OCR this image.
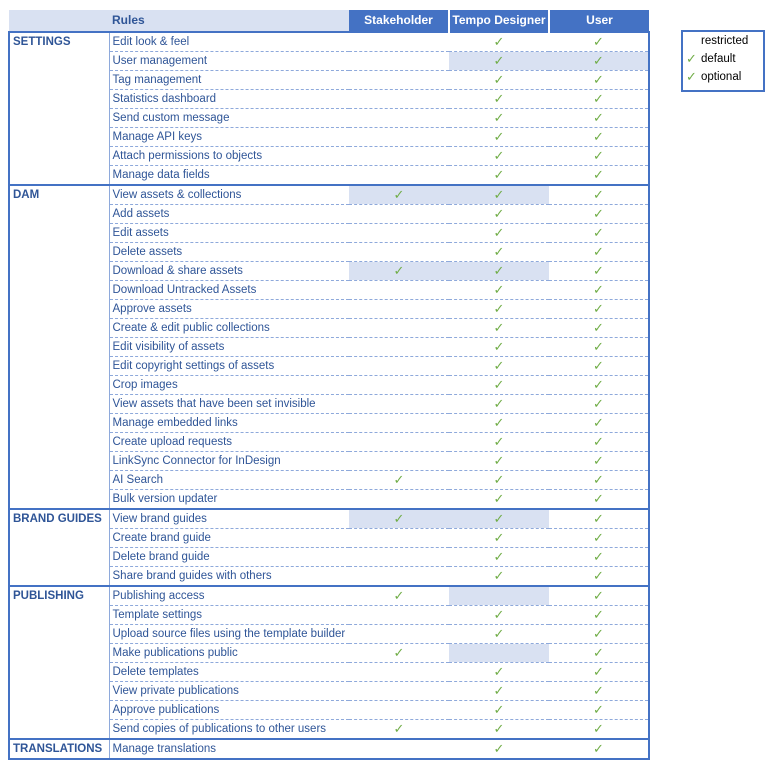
	Rules	Stakeholder	Tempo Designer	User
SETTINGS	Edit look & feel		✓	✓
	User management		✓	✓
	Tag management		✓	✓
	Statistics dashboard		✓	✓
	Send custom message		✓	✓
	Manage API keys		✓	✓
	Attach permissions to objects		✓	✓
	Manage data fields		✓	✓
DAM	View assets & collections	✓	✓	✓
	Add assets		✓	✓
	Edit assets		✓	✓
	Delete assets		✓	✓
	Download & share assets	✓	✓	✓
	Download Untracked Assets		✓	✓
	Approve assets		✓	✓
	Create & edit public collections		✓	✓
	Edit visibility of assets		✓	✓
	Edit copyright settings of assets		✓	✓
	Crop images		✓	✓
	View assets that have been set invisible		✓	✓
	Manage embedded links		✓	✓
	Create upload requests		✓	✓
	LinkSync Connector for InDesign		✓	✓
	AI Search	✓	✓	✓
	Bulk version updater		✓	✓
BRAND GUIDES	View brand guides	✓	✓	✓
	Create brand guide		✓	✓
	Delete brand guide		✓	✓
	Share brand guides with others		✓	✓
PUBLISHING	Publishing access	✓		✓
	Template settings		✓	✓
	Upload source files using the template builder		✓	✓
	Make publications public	✓		✓
	Delete templates		✓	✓
	View private publications		✓	✓
	Approve publications		✓	✓
	Send copies of publications to other users	✓	✓	✓
TRANSLATIONS	Manage translations		✓	✓
restricted
✓ default
✓ optional
